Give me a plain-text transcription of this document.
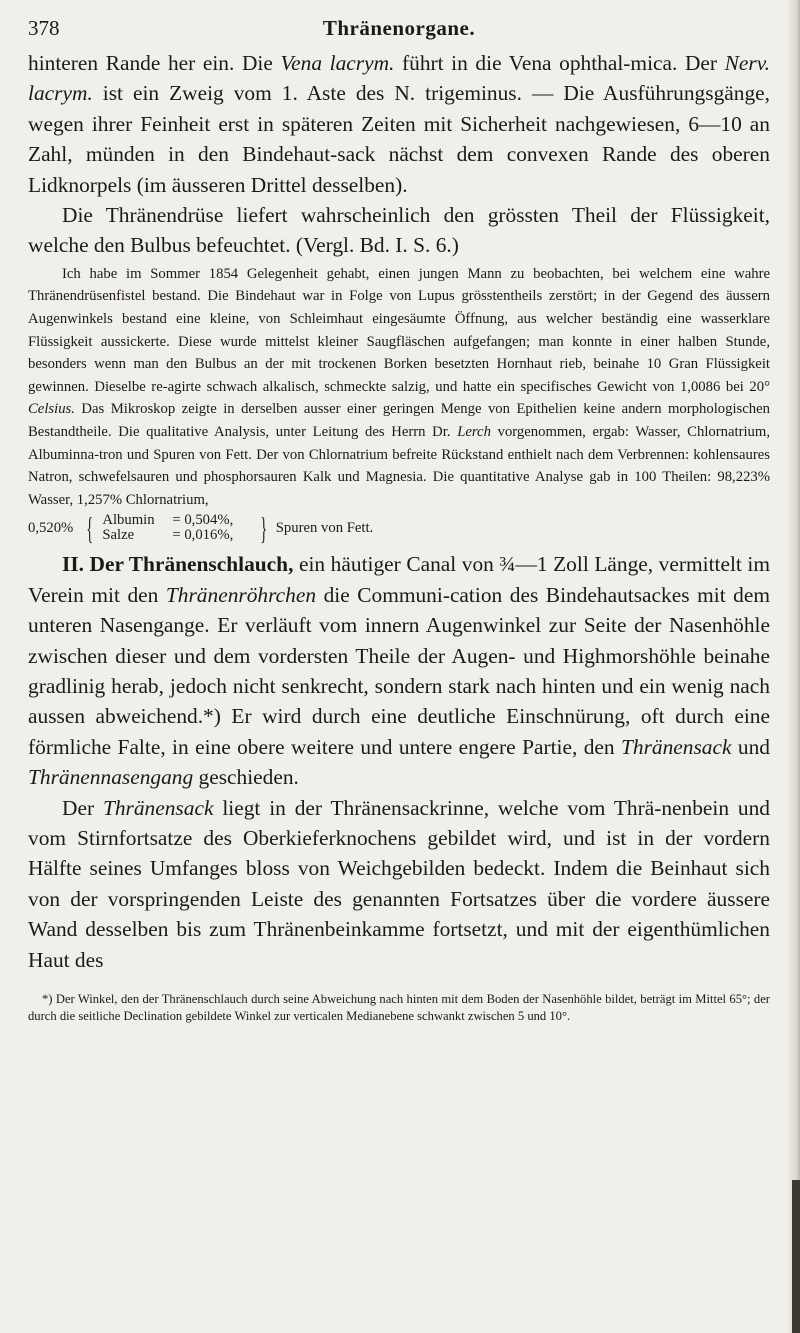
378	Thränenorgane.

hinteren Rande her ein. Die Vena lacrym. führt in die Vena ophthal-mica. Der Nerv. lacrym. ist ein Zweig vom 1. Aste des N. trigeminus. — Die Ausführungsgänge, wegen ihrer Feinheit erst in späteren Zeiten mit Sicherheit nachgewiesen, 6—10 an Zahl, münden in den Bindehaut-sack nächst dem convexen Rande des oberen Lidknorpels (im äusseren Drittel desselben).

Die Thränendrüse liefert wahrscheinlich den grössten Theil der Flüssigkeit, welche den Bulbus befeuchtet. (Vergl. Bd. I. S. 6.)

Ich habe im Sommer 1854 Gelegenheit gehabt, einen jungen Mann zu beobachten, bei welchem eine wahre Thränendrüsenfistel bestand. Die Bindehaut war in Folge von Lupus grösstentheils zerstört; in der Gegend des äussern Augenwinkels bestand eine kleine, von Schleimhaut eingesäumte Öffnung, aus welcher beständig eine wasserklare Flüssigkeit aussickerte. Diese wurde mittelst kleiner Saugfläschen aufgefangen; man konnte in einer halben Stunde, besonders wenn man den Bulbus an der mit trockenen Borken besetzten Hornhaut rieb, beinahe 10 Gran Flüssigkeit gewinnen. Dieselbe re-agirte schwach alkalisch, schmeckte salzig, und hatte ein specifisches Gewicht von 1,0086 bei 20° Celsius. Das Mikroskop zeigte in derselben ausser einer geringen Menge von Epithelien keine andern morphologischen Bestandtheile. Die qualitative Analysis, unter Leitung des Herrn Dr. Lerch vorgenommen, ergab: Wasser, Chlornatrium, Albuminna-tron und Spuren von Fett. Der von Chlornatrium befreite Rückstand enthielt nach dem Verbrennen: kohlensaures Natron, schwefelsauren und phosphorsauren Kalk und Magnesia. Die quantitative Analyse gab in 100 Theilen: 98,223% Wasser, 1,257% Chlornatrium,

0,520% { Albumin = 0,504%,
Salze	= 0,016%, } Spuren von Fett.

II. Der Thränenschlauch, ein häutiger Canal von ¾—1 Zoll Länge, vermittelt im Verein mit den Thränenröhrchen die Communi-cation des Bindehautsackes mit dem unteren Nasengange. Er verläuft vom innern Augenwinkel zur Seite der Nasenhöhle zwischen dieser und dem vordersten Theile der Augen- und Highmorshöhle beinahe gradlinig herab, jedoch nicht senkrecht, sondern stark nach hinten und ein wenig nach aussen abweichend.*) Er wird durch eine deutliche Einschnürung, oft durch eine förmliche Falte, in eine obere weitere und untere engere Partie, den Thränensack und Thränennasengang geschieden.

Der Thränensack liegt in der Thränensackrinne, welche vom Thrä-nenbein und vom Stirnfortsatze des Oberkieferknochens gebildet wird, und ist in der vordern Hälfte seines Umfanges bloss von Weichgebilden bedeckt. Indem die Beinhaut sich von der vorspringenden Leiste des genannten Fortsatzes über die vordere äussere Wand desselben bis zum Thränenbeinkamme fortsetzt, und mit der eigenthümlichen Haut des

*) Der Winkel, den der Thränenschlauch durch seine Abweichung nach hinten mit dem Boden der Nasenhöhle bildet, beträgt im Mittel 65°; der durch die seitliche Declination gebildete Winkel zur verticalen Medianebene schwankt zwischen 5 und 10°.
